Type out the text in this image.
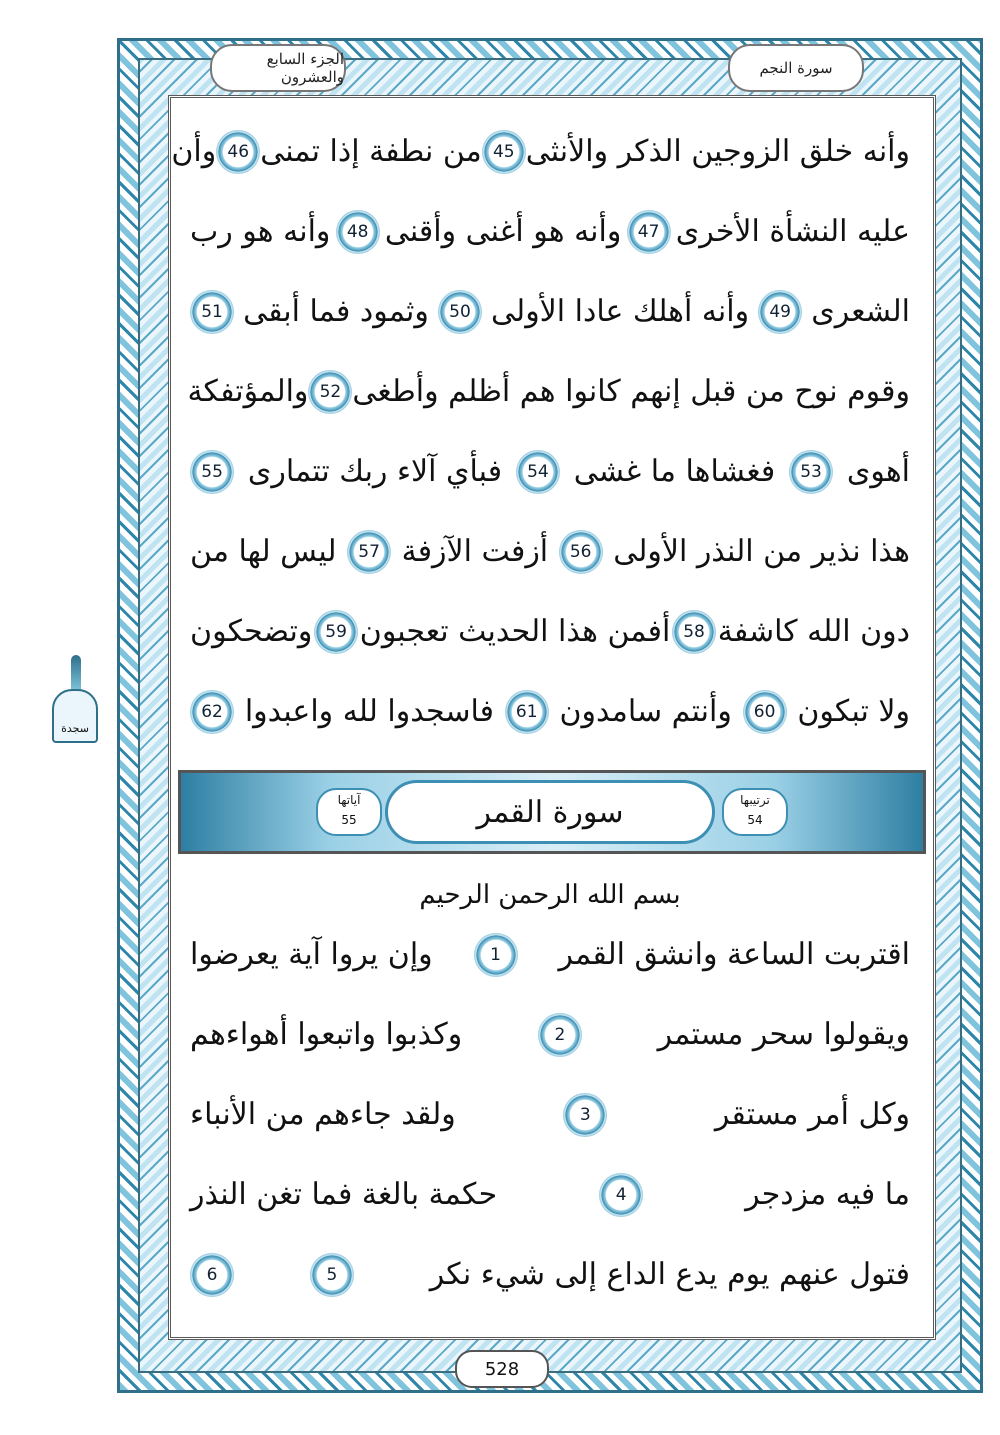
الجزء السابع والعشرون	سورة النجم
وأنه خلق الزوجين الذكر والأنثى
45
من نطفة إذا تمنى
46
وأن
عليه النشأة الأخرى
47
وأنه هو أغنى وأقنى
48
وأنه هو رب
الشعرى
49
وأنه أهلك عادا الأولى
50
وثمود فما أبقى
51
وقوم نوح من قبل إنهم كانوا هم أظلم وأطغى
52
والمؤتفكة
أهوى
53
فغشاها ما غشى
54
فبأي آلاء ربك تتمارى
55
هذا نذير من النذر الأولى
56
أزفت الآزفة
57
ليس لها من
دون الله كاشفة
58
أفمن هذا الحديث تعجبون
59
وتضحكون
ولا تبكون
60
وأنتم سامدون
61
فاسجدوا لله واعبدوا
62
سورة القمر	ترتيبها
54
آياتها
55
بسم الله الرحمن الرحيم
اقتربت الساعة وانشق القمر
1
وإن يروا آية يعرضوا
ويقولوا سحر مستمر
2
وكذبوا واتبعوا أهواءهم
وكل أمر مستقر
3
ولقد جاءهم من الأنباء
ما فيه مزدجر
4
حكمة بالغة فما تغن النذر
فتول عنهم يوم يدع الداع إلى شيء نكر
5
6
سجدة
528
